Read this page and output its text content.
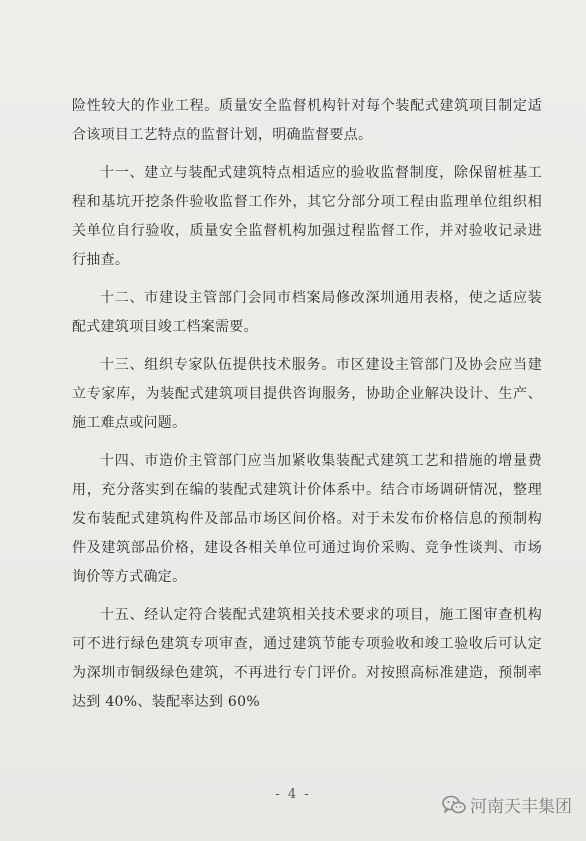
险性较大的作业工程。质量安全监督机构针对每个装配式建筑项目制定适合该项目工艺特点的监督计划，明确监督要点。

十一、建立与装配式建筑特点相适应的验收监督制度，除保留桩基工程和基坑开挖条件验收监督工作外，其它分部分项工程由监理单位组织相关单位自行验收，质量安全监督机构加强过程监督工作，并对验收记录进行抽查。

十二、市建设主管部门会同市档案局修改深圳通用表格，使之适应装配式建筑项目竣工档案需要。

十三、组织专家队伍提供技术服务。市区建设主管部门及协会应当建立专家库，为装配式建筑项目提供咨询服务，协助企业解决设计、生产、施工难点或问题。

十四、市造价主管部门应当加紧收集装配式建筑工艺和措施的增量费用，充分落实到在编的装配式建筑计价体系中。结合市场调研情况，整理发布装配式建筑构件及部品市场区间价格。对于未发布价格信息的预制构件及建筑部品价格，建设各相关单位可通过询价采购、竞争性谈判、市场询价等方式确定。

十五、经认定符合装配式建筑相关技术要求的项目，施工图审查机构可不进行绿色建筑专项审查，通过建筑节能专项验收和竣工验收后可认定为深圳市铜级绿色建筑，不再进行专门评价。对按照高标准建造，预制率达到 40%、装配率达到 60%

- 4 -
河南天丰集团
